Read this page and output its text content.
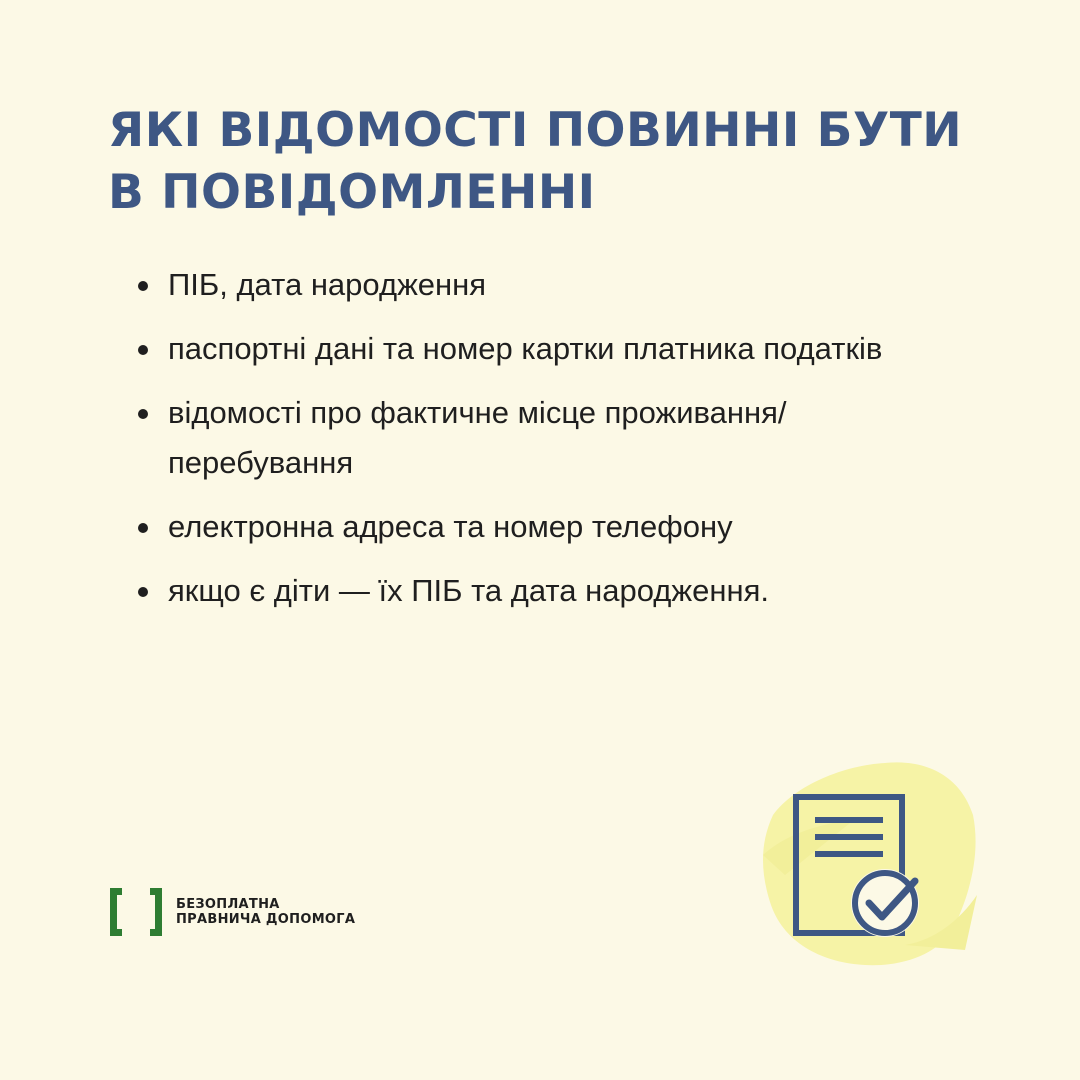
ЯКІ ВІДОМОСТІ ПОВИННІ БУТИ
В ПОВІДОМЛЕННІ
ПІБ, дата народження
паспортні дані та номер картки платника податків
відомості про фактичне місце проживання/перебування
електронна адреса та номер телефону
якщо є діти — їх ПІБ та дата народження.
БЕЗОПЛАТНА
ПРАВНИЧА ДОПОМОГА
